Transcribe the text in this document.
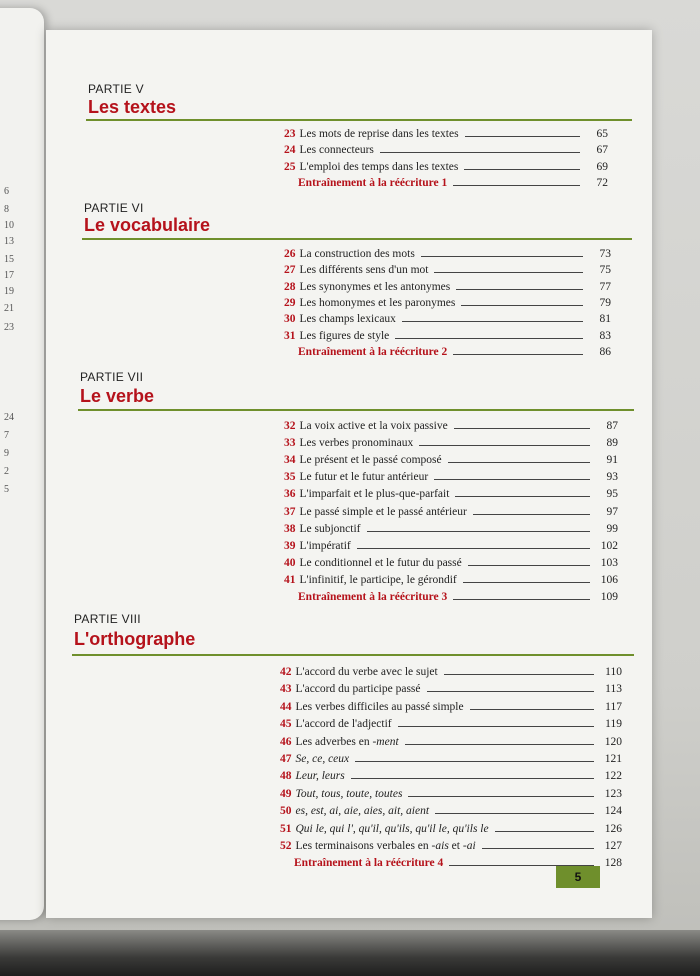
6
8
10
13
15
17
19
21
23
24
7
9
2
5
PARTIE V
Les textes
23 Les mots de reprise dans les textes	65
24 Les connecteurs	67
25 L'emploi des temps dans les textes	69
Entraînement à la réécriture 1	72
PARTIE VI
Le vocabulaire
26 La construction des mots	73
27 Les différents sens d'un mot	75
28 Les synonymes et les antonymes	77
29 Les homonymes et les paronymes	79
30 Les champs lexicaux	81
31 Les figures de style	83
Entraînement à la réécriture 2	86
PARTIE VII
Le verbe
32 La voix active et la voix passive	87
33 Les verbes pronominaux	89
34 Le présent et le passé composé	91
35 Le futur et le futur antérieur	93
36 L'imparfait et le plus-que-parfait	95
37 Le passé simple et le passé antérieur	97
38 Le subjonctif	99
39 L'impératif	102
40 Le conditionnel et le futur du passé	103
41 L'infinitif, le participe, le gérondif	106
Entraînement à la réécriture 3	109
PARTIE VIII
L'orthographe
42 L'accord du verbe avec le sujet	110
43 L'accord du participe passé	113
44 Les verbes difficiles au passé simple	117
45 L'accord de l'adjectif	119
46 Les adverbes en -ment	120
47 Se, ce, ceux	121
48 Leur, leurs	122
49 Tout, tous, toute, toutes	123
50 es, est, ai, aie, aies, ait, aient	124
51 Qui le, qui l', qu'il, qu'ils, qu'il le, qu'ils le	126
52 Les terminaisons verbales en -ais et -ai	127
Entraînement à la réécriture 4	128
5
